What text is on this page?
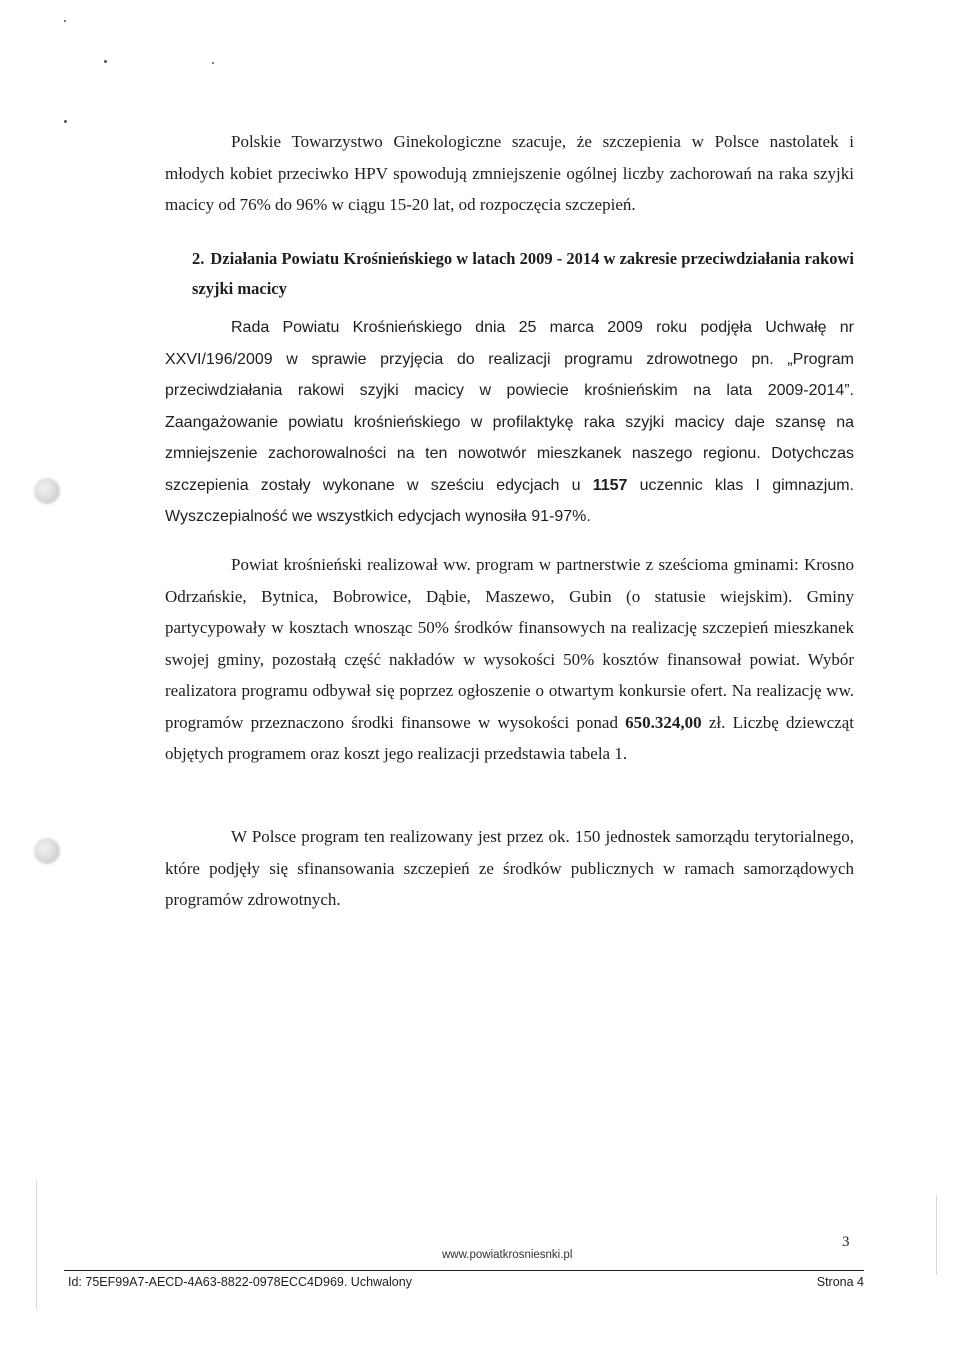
Polskie Towarzystwo Ginekologiczne szacuje, że szczepienia w Polsce nastolatek i młodych kobiet przeciwko HPV spowodują zmniejszenie ogólnej liczby zachorowań na raka szyjki macicy od 76% do 96% w ciągu 15-20 lat, od rozpoczęcia szczepień.

2. Działania Powiatu Krośnieńskiego w latach 2009 - 2014 w zakresie przeciwdziałania rakowi szyjki macicy

Rada Powiatu Krośnieńskiego dnia 25 marca 2009 roku podjęła Uchwałę nr XXVI/196/2009 w sprawie przyjęcia do realizacji programu zdrowotnego pn. „Program przeciwdziałania rakowi szyjki macicy w powiecie krośnieńskim na lata 2009-2014”. Zaangażowanie powiatu krośnieńskiego w profilaktykę raka szyjki macicy daje szansę na zmniejszenie zachorowalności na ten nowotwór mieszkanek naszego regionu. Dotychczas szczepienia zostały wykonane w sześciu edycjach u 1157 uczennic klas I gimnazjum. Wyszczepialność we wszystkich edycjach wynosiła 91-97%.

Powiat krośnieński realizował ww. program w partnerstwie z sześcioma gminami: Krosno Odrzańskie, Bytnica, Bobrowice, Dąbie, Maszewo, Gubin (o statusie wiejskim). Gminy partycypowały w kosztach wnosząc 50% środków finansowych na realizację szczepień mieszkanek swojej gminy, pozostałą część nakładów w wysokości 50% kosztów finansował powiat. Wybór realizatora programu odbywał się poprzez ogłoszenie o otwartym konkursie ofert. Na realizację ww. programów przeznaczono środki finansowe w wysokości ponad 650.324,00 zł. Liczbę dziewcząt objętych programem oraz koszt jego realizacji przedstawia tabela 1.

W Polsce program ten realizowany jest przez ok. 150 jednostek samorządu terytorialnego, które podjęły się sfinansowania szczepień ze środków publicznych w ramach samorządowych programów zdrowotnych.

3
www.powiatkrosniesnki.pl
Id: 75EF99A7-AECD-4A63-8822-0978ECC4D969. Uchwalony	Strona 4
